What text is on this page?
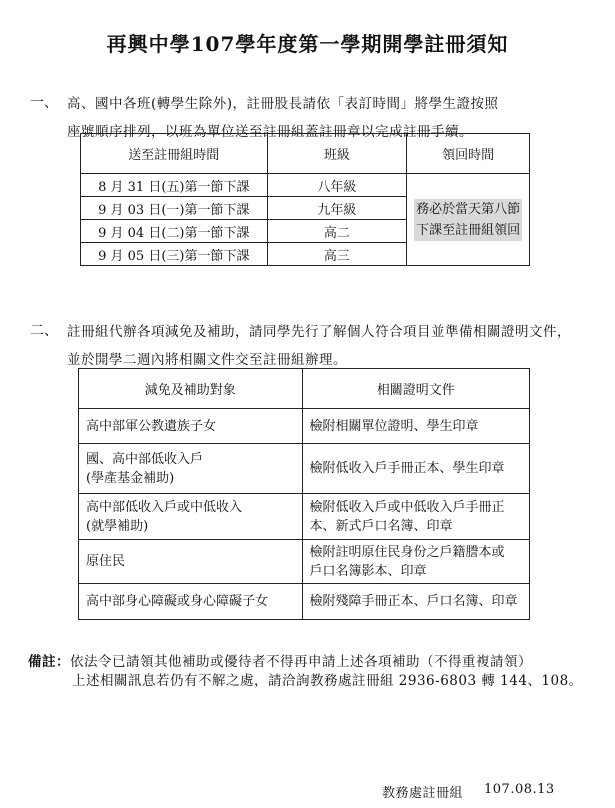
再興中學107學年度第一學期開學註冊須知
一、 高、國中各班(轉學生除外)，註冊股長請依「表訂時間」將學生證按照
座號順序排列，以班為單位送至註冊組蓋註冊章以完成註冊手續。
送至註冊組時間	班級	領回時間
8 月 31 日(五)第一節下課	八年級	務必於當天第八節
下課至註冊組領回
9 月 03 日(一)第一節下課	九年級	
9 月 04 日(二)第一節下課	高二	
9 月 05 日(三)第一節下課	高三	
二、 註冊組代辦各項減免及補助，請同學先行了解個人符合項目並準備相關證明文件，
並於開學二週內將相關文件交至註冊組辦理。
減免及補助對象	相關證明文件
高中部軍公教遺族子女	檢附相關單位證明、學生印章
國、高中部低收入戶
(學產基金補助)	檢附低收入戶手冊正本、學生印章
高中部低收入戶或中低收入
(就學補助)	檢附低收入戶或中低收入戶手冊正
本、新式戶口名簿、印章
原住民	檢附註明原住民身份之戶籍謄本或
戶口名簿影本、印章
高中部身心障礙或身心障礙子女	檢附殘障手冊正本、戶口名簿、印章
備註：依法令已請領其他補助或優待者不得再申請上述各項補助（不得重複請領）
上述相關訊息若仍有不解之處，請洽詢教務處註冊組 2936-6803 轉 144、108。
教務處註冊組 107.08.13
